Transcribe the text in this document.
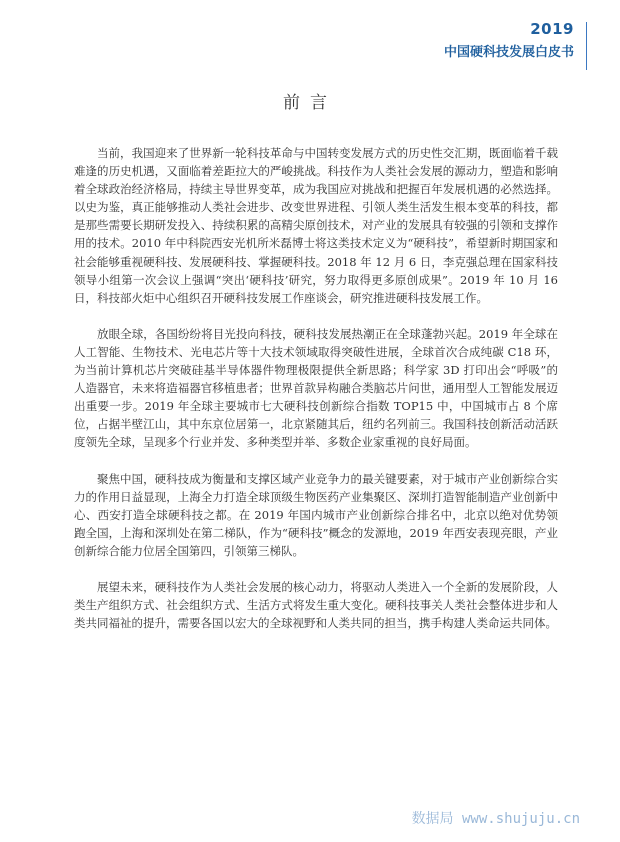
2019
中国硬科技发展白皮书
前言

当前，我国迎来了世界新一轮科技革命与中国转变发展方式的历史性交汇期，既面临着千载难逢的历史机遇，又面临着差距拉大的严峻挑战。科技作为人类社会发展的源动力，塑造和影响着全球政治经济格局，持续主导世界变革，成为我国应对挑战和把握百年发展机遇的必然选择。以史为鉴，真正能够推动人类社会进步、改变世界进程、引领人类生活发生根本变革的科技，都是那些需要长期研发投入、持续积累的高精尖原创技术，对产业的发展具有较强的引领和支撑作用的技术。2010 年中科院西安光机所米磊博士将这类技术定义为“硬科技”，希望新时期国家和社会能够重视硬科技、发展硬科技、掌握硬科技。2018 年 12 月 6 日，李克强总理在国家科技领导小组第一次会议上强调“突出‘硬科技’研究，努力取得更多原创成果”。2019 年 10 月 16 日，科技部火炬中心组织召开硬科技发展工作座谈会，研究推进硬科技发展工作。

放眼全球，各国纷纷将目光投向科技，硬科技发展热潮正在全球蓬勃兴起。2019 年全球在人工智能、生物技术、光电芯片等十大技术领域取得突破性进展，全球首次合成纯碳 C18 环，为当前计算机芯片突破硅基半导体器件物理极限提供全新思路；科学家 3D 打印出会“呼吸”的人造器官，未来将造福器官移植患者；世界首款异构融合类脑芯片问世，通用型人工智能发展迈出重要一步。2019 年全球主要城市七大硬科技创新综合指数 TOP15 中，中国城市占 8 个席位，占据半壁江山，其中东京位居第一，北京紧随其后，纽约名列前三。我国科技创新活动活跃度领先全球，呈现多个行业并发、多种类型并举、多数企业家重视的良好局面。

聚焦中国，硬科技成为衡量和支撑区域产业竞争力的最关键要素，对于城市产业创新综合实力的作用日益显现，上海全力打造全球顶级生物医药产业集聚区、深圳打造智能制造产业创新中心、西安打造全球硬科技之都。在 2019 年国内城市产业创新综合排名中，北京以绝对优势领跑全国，上海和深圳处在第二梯队，作为“硬科技”概念的发源地，2019 年西安表现亮眼，产业创新综合能力位居全国第四，引领第三梯队。

展望未来，硬科技作为人类社会发展的核心动力，将驱动人类进入一个全新的发展阶段，人类生产组织方式、社会组织方式、生活方式将发生重大变化。硬科技事关人类社会整体进步和人类共同福祉的提升，需要各国以宏大的全球视野和人类共同的担当，携手构建人类命运共同体。

数据局 www.shujuju.cn
